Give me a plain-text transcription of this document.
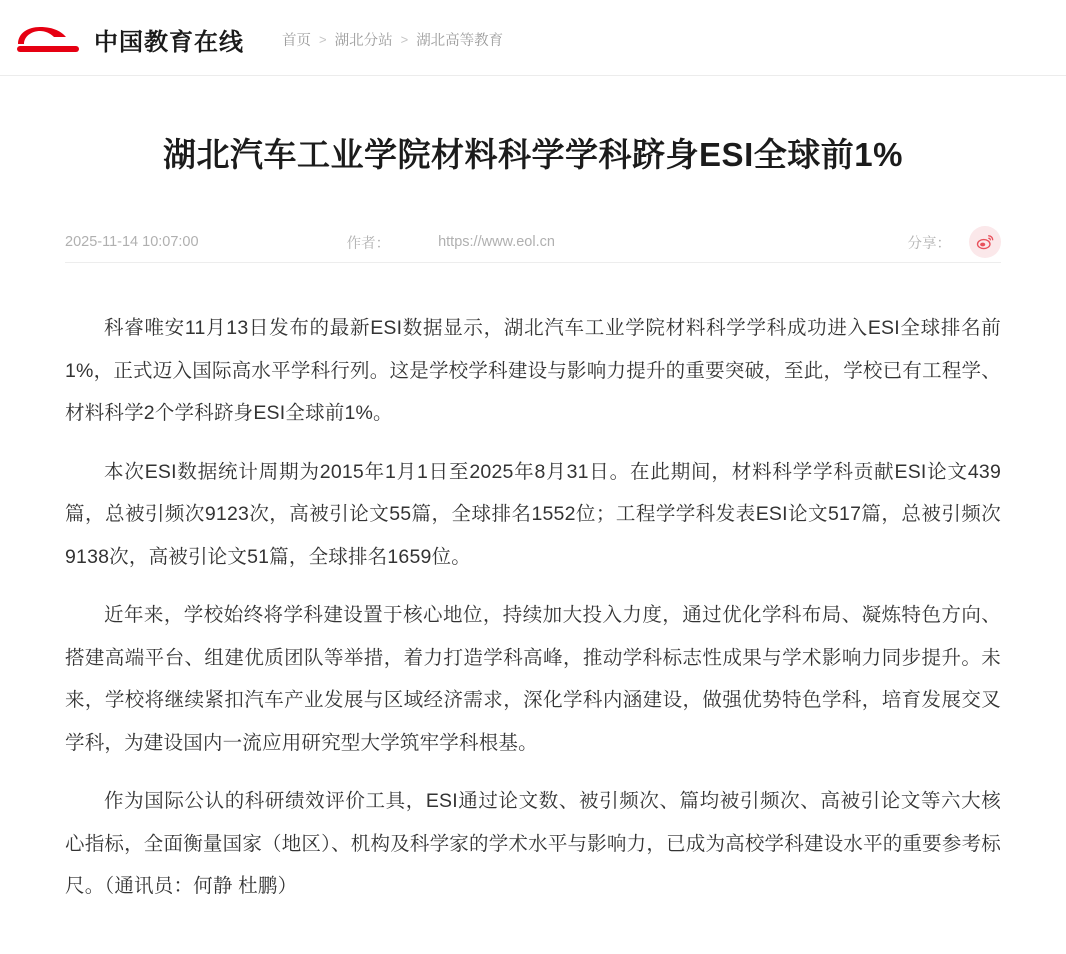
eol 中国教育在线	首页 > 湖北分站 > 湖北高等教育
湖北汽车工业学院材料科学学科跻身ESI全球前1%
2025-11-14 10:07:00	作者：	https://www.eol.cn	分享：

科睿唯安11月13日发布的最新ESI数据显示，湖北汽车工业学院材料科学学科成功进入ESI全球排名前1%，正式迈入国际高水平学科行列。这是学校学科建设与影响力提升的重要突破，至此，学校已有工程学、材料科学2个学科跻身ESI全球前1%。

本次ESI数据统计周期为2015年1月1日至2025年8月31日。在此期间，材料科学学科贡献ESI论文439篇，总被引频次9123次，高被引论文55篇，全球排名1552位；工程学学科发表ESI论文517篇，总被引频次9138次，高被引论文51篇，全球排名1659位。

近年来，学校始终将学科建设置于核心地位，持续加大投入力度，通过优化学科布局、凝炼特色方向、搭建高端平台、组建优质团队等举措，着力打造学科高峰，推动学科标志性成果与学术影响力同步提升。未来，学校将继续紧扣汽车产业发展与区域经济需求，深化学科内涵建设，做强优势特色学科，培育发展交叉学科，为建设国内一流应用研究型大学筑牢学科根基。

作为国际公认的科研绩效评价工具，ESI通过论文数、被引频次、篇均被引频次、高被引论文等六大核心指标，全面衡量国家（地区）、机构及科学家的学术水平与影响力，已成为高校学科建设水平的重要参考标尺。（通讯员：何静 杜鹏）
